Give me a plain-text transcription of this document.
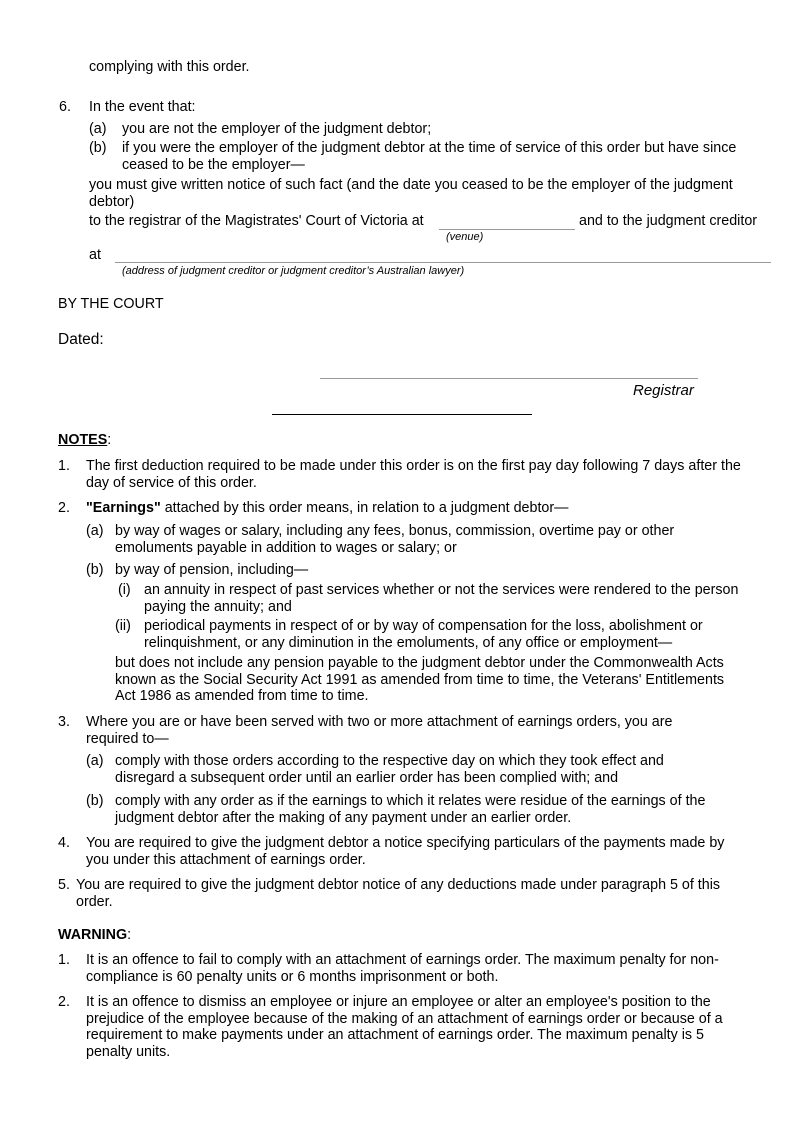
complying with this order.
6. In the event that:
(a) you are not the employer of the judgment debtor;
(b) if you were the employer of the judgment debtor at the time of service of this order but have since ceased to be the employer—
you must give written notice of such fact (and the date you ceased to be the employer of the judgment debtor)
to the registrar of the Magistrates' Court of Victoria at	and to the judgment creditor
(venue)
at
(address of judgment creditor or judgment creditor’s Australian lawyer)
BY THE COURT
Dated:
Registrar
NOTES:
1. The first deduction required to be made under this order is on the first pay day following 7 days after the day of service of this order.
2. "Earnings" attached by this order means, in relation to a judgment debtor—
(a) by way of wages or salary, including any fees, bonus, commission, overtime pay or other emoluments payable in addition to wages or salary; or
(b) by way of pension, including—
(i) an annuity in respect of past services whether or not the services were rendered to the person paying the annuity; and
(ii) periodical payments in respect of or by way of compensation for the loss, abolishment or relinquishment, or any diminution in the emoluments, of any office or employment—
but does not include any pension payable to the judgment debtor under the Commonwealth Acts known as the Social Security Act 1991 as amended from time to time, the Veterans' Entitlements Act 1986 as amended from time to time.
3. Where you are or have been served with two or more attachment of earnings orders, you are required to—
(a) comply with those orders according to the respective day on which they took effect and disregard a subsequent order until an earlier order has been complied with; and
(b) comply with any order as if the earnings to which it relates were residue of the earnings of the judgment debtor after the making of any payment under an earlier order.
4. You are required to give the judgment debtor a notice specifying particulars of the payments made by you under this attachment of earnings order.
5. You are required to give the judgment debtor notice of any deductions made under paragraph 5 of this order.
WARNING:
1. It is an offence to fail to comply with an attachment of earnings order. The maximum penalty for non-compliance is 60 penalty units or 6 months imprisonment or both.
2. It is an offence to dismiss an employee or injure an employee or alter an employee's position to the prejudice of the employee because of the making of an attachment of earnings order or because of a requirement to make payments under an attachment of earnings order. The maximum penalty is 5 penalty units.
